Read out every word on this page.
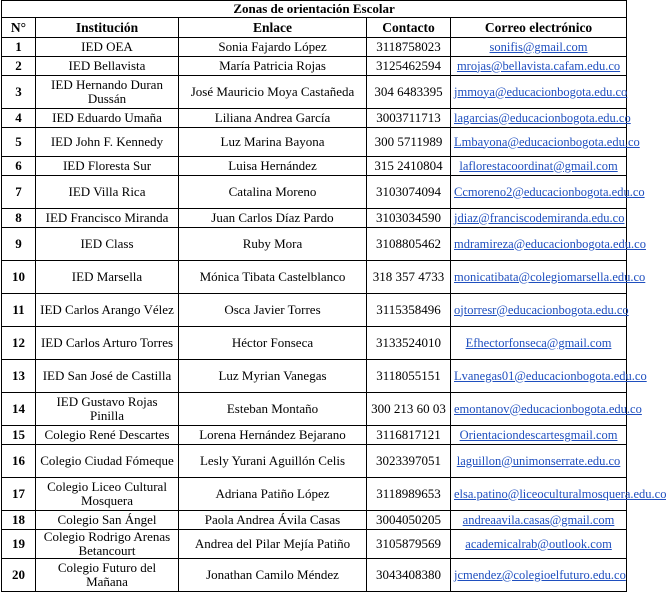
Zonas de orientación Escolar				
N°	Institución	Enlace	Contacto	Correo electrónico
1	IED OEA	Sonia Fajardo López	3118758023	sonifis@gmail.com
2	IED Bellavista	María Patricia Rojas	3125462594	mrojas@bellavista.cafam.edu.co
3	IED Hernando Duran Dussán	José Mauricio Moya Castañeda	304 6483395	jmmoya@educacionbogota.edu.co
4	IED Eduardo Umaña	Liliana Andrea García	3003711713	lagarcias@educacionbogota.edu.co
5	IED John F. Kennedy	Luz Marina Bayona	300 5711989	Lmbayona@educacionbogota.edu.co
6	IED Floresta Sur	Luisa Hernández	315 2410804	laflorestacoordinat@gmail.com
7	IED Villa Rica	Catalina Moreno	3103074094	Ccmoreno2@educacionbogota.edu.co
8	IED Francisco Miranda	Juan Carlos Díaz Pardo	3103034590	jdiaz@franciscodemiranda.edu.co
9	IED Class	Ruby Mora	3108805462	mdramireza@educacionbogota.edu.co
10	IED Marsella	Mónica Tibata Castelblanco	318 357 4733	monicatibata@colegiomarsella.edu.co
11	IED Carlos Arango Vélez	Osca Javier Torres	3115358496	ojtorresr@educacionbogota.edu.co
12	IED Carlos Arturo Torres	Héctor Fonseca	3133524010	Efhectorfonseca@gmail.com
13	IED San José de Castilla	Luz Myrian Vanegas	3118055151	Lvanegas01@educacionbogota.edu.co
14	IED Gustavo Rojas Pinilla	Esteban Montaño	300 213 60 03	emontanov@educacionbogota.edu.co
15	Colegio René Descartes	Lorena Hernández Bejarano	3116817121	Orientaciondescartesgmail.com
16	Colegio Ciudad Fómeque	Lesly Yurani Aguillón Celis	3023397051	laguillon@unimonserrate.edu.co
17	Colegio Liceo Cultural Mosquera	Adriana Patiño López	3118989653	elsa.patino@liceoculturalmosquera.edu.co
18	Colegio San Ángel	Paola Andrea Ávila Casas	3004050205	andreaavila.casas@gmail.com
19	Colegio Rodrigo Arenas Betancourt	Andrea del Pilar Mejía Patiño	3105879569	academicalrab@outlook.com
20	Colegio Futuro del Mañana	Jonathan Camilo Méndez	3043408380	jcmendez@colegioelfuturo.edu.co
